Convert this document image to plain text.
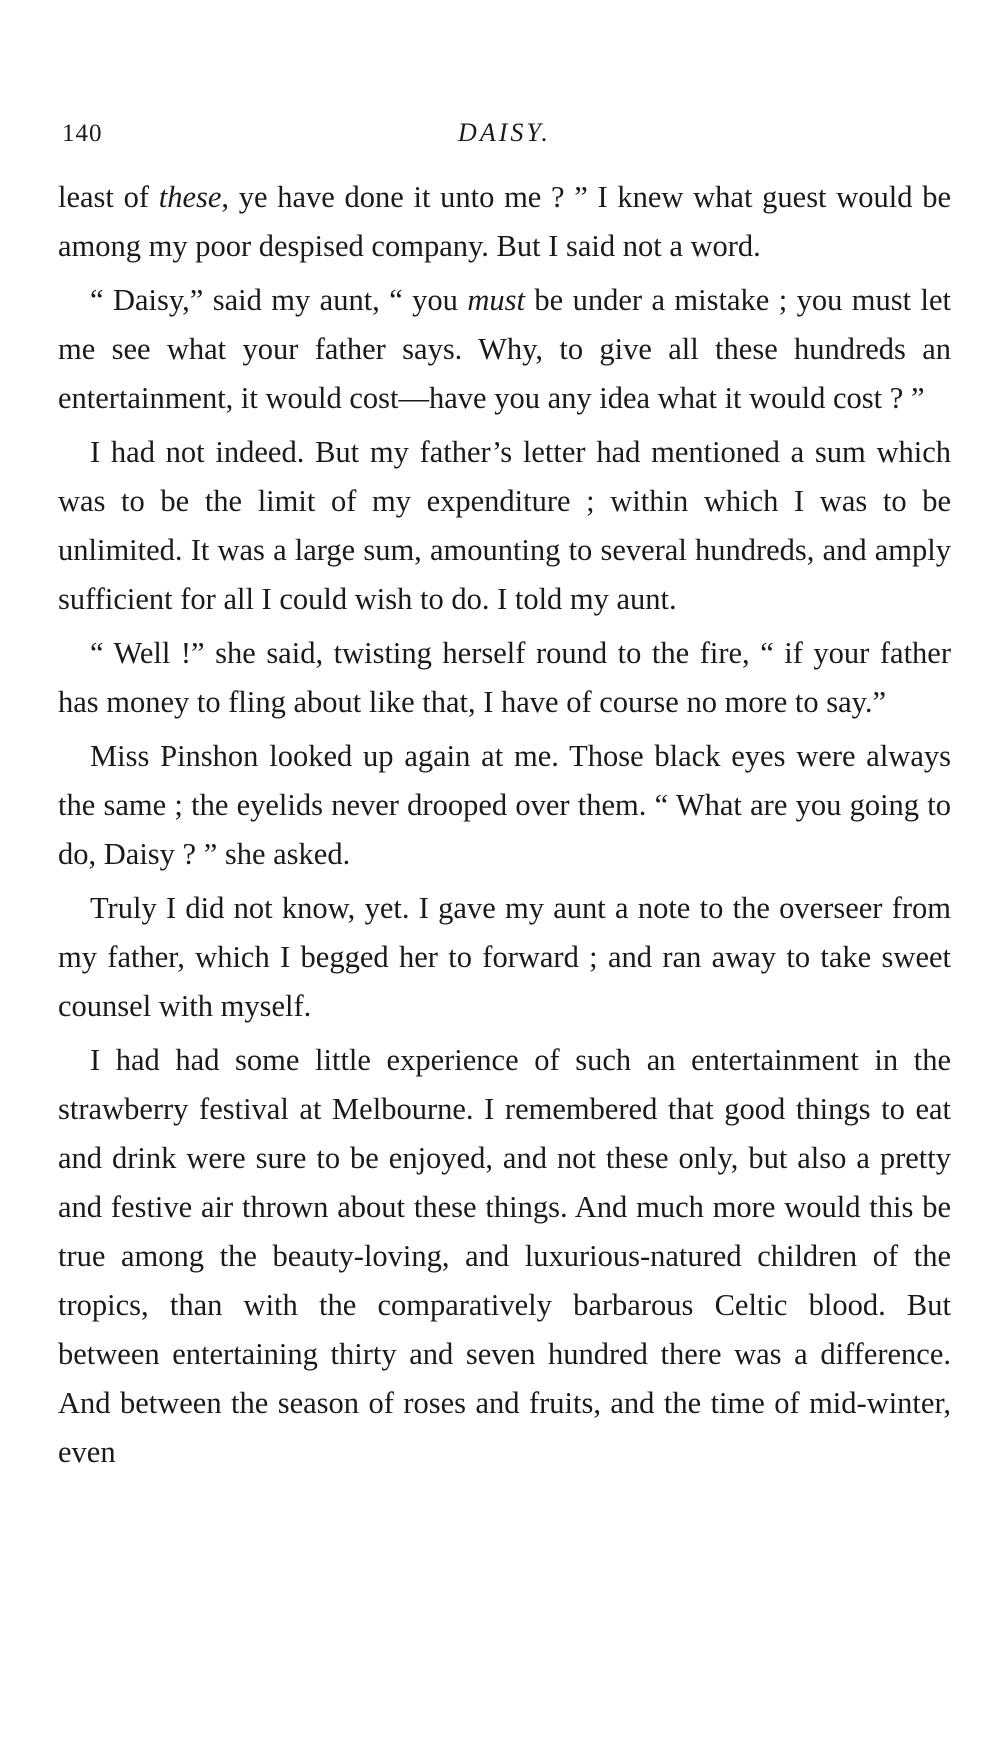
140	DAISY.

least of these, ye have done it unto me ? ” I knew what guest would be among my poor despised company. But I said not a word.

“ Daisy,” said my aunt, “ you must be under a mistake ; you must let me see what your father says. Why, to give all these hundreds an entertainment, it would cost—have you any idea what it would cost ? ”

I had not indeed. But my father’s letter had mentioned a sum which was to be the limit of my expenditure ; within which I was to be unlimited. It was a large sum, amounting to several hundreds, and amply sufficient for all I could wish to do. I told my aunt.

“ Well !” she said, twisting herself round to the fire, “ if your father has money to fling about like that, I have of course no more to say.”

Miss Pinshon looked up again at me. Those black eyes were always the same ; the eyelids never drooped over them. “ What are you going to do, Daisy ? ” she asked.

Truly I did not know, yet. I gave my aunt a note to the overseer from my father, which I begged her to forward ; and ran away to take sweet counsel with myself.

I had had some little experience of such an entertainment in the strawberry festival at Melbourne. I remembered that good things to eat and drink were sure to be enjoyed, and not these only, but also a pretty and festive air thrown about these things. And much more would this be true among the beauty-loving, and luxurious-natured children of the tropics, than with the comparatively barbarous Celtic blood. But between entertaining thirty and seven hundred there was a difference. And between the season of roses and fruits, and the time of mid-winter, even
